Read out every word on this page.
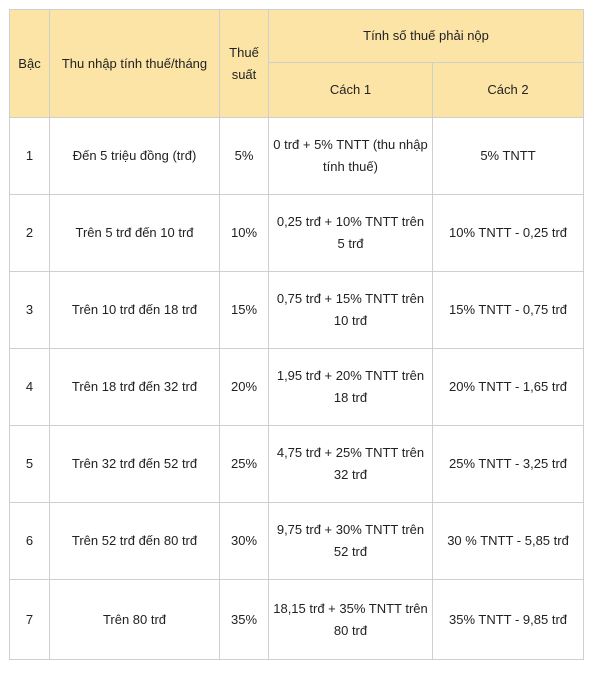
Bậc	Thu nhập tính thuế/tháng	Thuế suất	Tính số thuế phải nộp	
			Cách 1	Cách 2
1	Đến 5 triệu đồng (trđ)	5%	0 trđ + 5% TNTT (thu nhập tính thuế)	5% TNTT
2	Trên 5 trđ đến 10 trđ	10%	0,25 trđ + 10% TNTT trên 5 trđ	10% TNTT - 0,25 trđ
3	Trên 10 trđ đến 18 trđ	15%	0,75 trđ + 15% TNTT trên 10 trđ	15% TNTT - 0,75 trđ
4	Trên 18 trđ đến 32 trđ	20%	1,95 trđ + 20% TNTT trên 18 trđ	20% TNTT - 1,65 trđ
5	Trên 32 trđ đến 52 trđ	25%	4,75 trđ + 25% TNTT trên 32 trđ	25% TNTT - 3,25 trđ
6	Trên 52 trđ đến 80 trđ	30%	9,75 trđ + 30% TNTT trên 52 trđ	30 % TNTT - 5,85 trđ
7	Trên 80 trđ	35%	18,15 trđ + 35% TNTT trên 80 trđ	35% TNTT - 9,85 trđ
